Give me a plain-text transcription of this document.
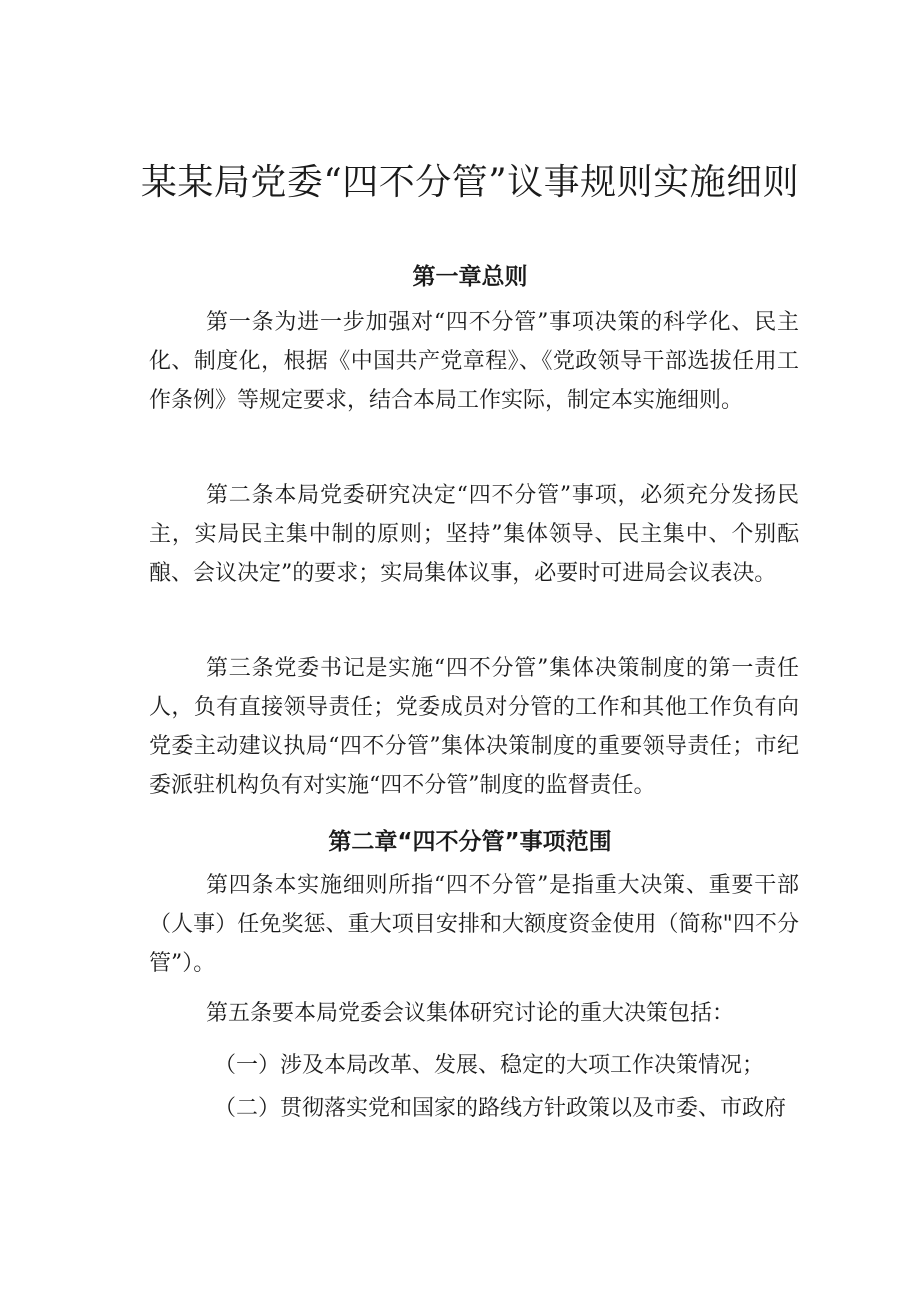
某某局党委“四不分管”议事规则实施细则
第一章总则

第一条为进一步加强对“四不分管”事项决策的科学化、民主化、制度化，根据《中国共产党章程》、《党政领导干部选拔任用工作条例》等规定要求，结合本局工作实际，制定本实施细则。

第二条本局党委研究决定“四不分管”事项，必须充分发扬民主，实局民主集中制的原则；坚持”集体领导、民主集中、个别酝酿、会议决定”的要求；实局集体议事，必要时可进局会议表决。

第三条党委书记是实施“四不分管”集体决策制度的第一责任人，负有直接领导责任；党委成员对分管的工作和其他工作负有向党委主动建议执局“四不分管”集体决策制度的重要领导责任；市纪委派驻机构负有对实施“四不分管”制度的监督责任。

第二章“四不分管”事项范围

第四条本实施细则所指“四不分管”是指重大决策、重要干部（人事）任免奖惩、重大项目安排和大额度资金使用（简称"四不分管”）。

第五条要本局党委会议集体研究讨论的重大决策包括：
（一）涉及本局改革、发展、稳定的大项工作决策情况；
（二）贯彻落实党和国家的路线方针政策以及市委、市政府
